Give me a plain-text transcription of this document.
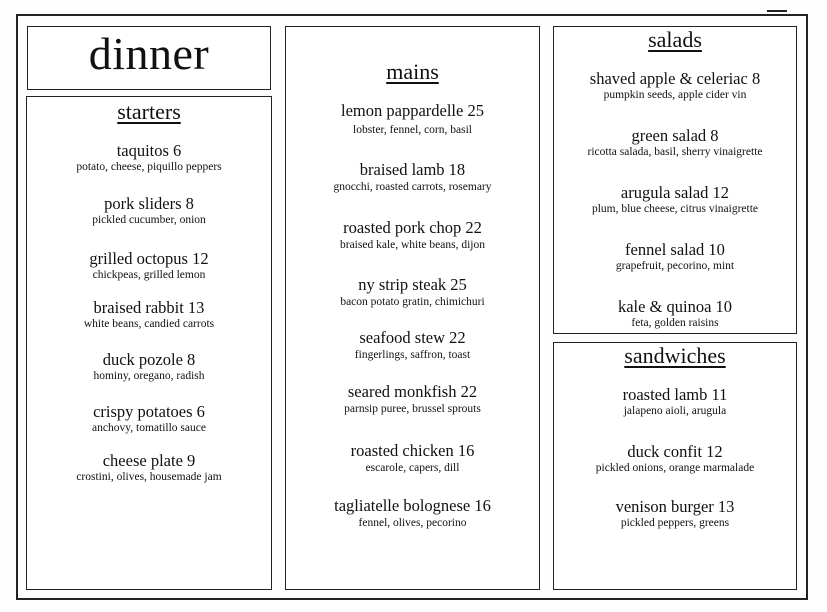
dinner
starters
taquitos 6
potato, cheese, piquillo peppers
pork sliders 8
pickled cucumber, onion
grilled octopus 12
chickpeas, grilled lemon
braised rabbit 13
white beans, candied carrots
duck pozole 8
hominy, oregano, radish
crispy potatoes 6
anchovy, tomatillo sauce
cheese plate 9
crostini, olives, housemade jam
mains
lemon pappardelle 25
lobster, fennel, corn, basil
braised lamb 18
gnocchi, roasted carrots, rosemary
roasted pork chop 22
braised kale, white beans, dijon
ny strip steak 25
bacon potato gratin, chimichuri
seafood stew 22
fingerlings, saffron, toast
seared monkfish 22
parnsip puree, brussel sprouts
roasted chicken 16
escarole, capers, dill
tagliatelle bolognese 16
fennel, olives, pecorino
salads
shaved apple & celeriac 8
pumpkin seeds, apple cider vin
green salad 8
ricotta salada, basil, sherry vinaigrette
arugula salad 12
plum, blue cheese, citrus vinaigrette
fennel salad 10
grapefruit, pecorino, mint
kale & quinoa 10
feta, golden raisins
sandwiches
roasted lamb 11
jalapeno aioli, arugula
duck confit 12
pickled onions, orange marmalade
venison burger 13
pickled peppers, greens
